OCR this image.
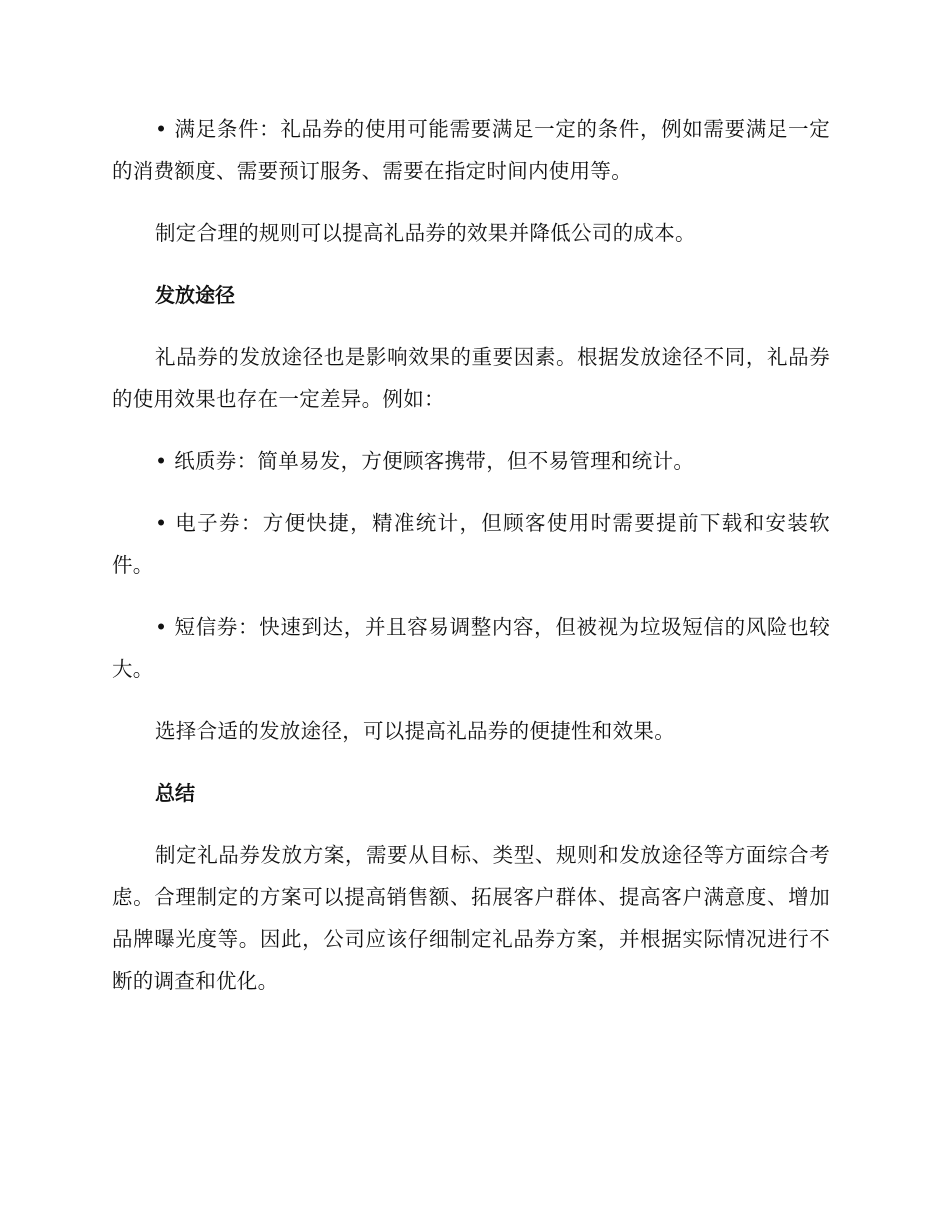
• 满足条件：礼品券的使用可能需要满足一定的条件，例如需要满足一定的消费额度、需要预订服务、需要在指定时间内使用等。

制定合理的规则可以提高礼品券的效果并降低公司的成本。

发放途径

礼品券的发放途径也是影响效果的重要因素。根据发放途径不同，礼品券的使用效果也存在一定差异。例如：

• 纸质券：简单易发，方便顾客携带，但不易管理和统计。

• 电子券：方便快捷，精准统计，但顾客使用时需要提前下载和安装软件。

• 短信券：快速到达，并且容易调整内容，但被视为垃圾短信的风险也较大。

选择合适的发放途径，可以提高礼品券的便捷性和效果。

总结

制定礼品券发放方案，需要从目标、类型、规则和发放途径等方面综合考虑。合理制定的方案可以提高销售额、拓展客户群体、提高客户满意度、增加品牌曝光度等。因此，公司应该仔细制定礼品券方案，并根据实际情况进行不断的调查和优化。
